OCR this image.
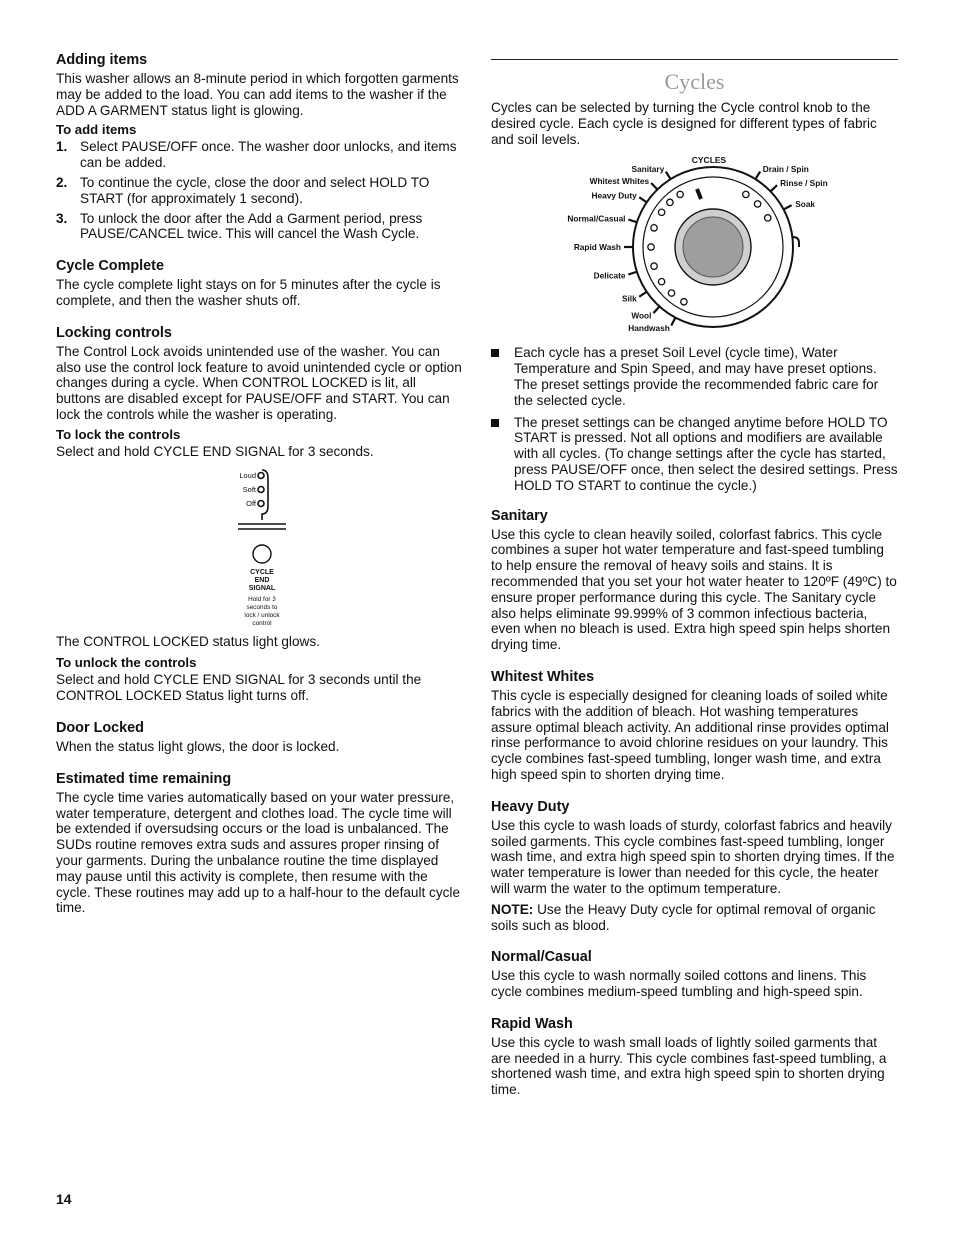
Adding items

This washer allows an 8-minute period in which forgotten garments may be added to the load. You can add items to the washer if the ADD A GARMENT status light is glowing.

To add items
1. Select PAUSE/OFF once. The washer door unlocks, and items can be added.
2. To continue the cycle, close the door and select HOLD TO START (for approximately 1 second).
3. To unlock the door after the Add a Garment period, press PAUSE/CANCEL twice. This will cancel the Wash Cycle.
Cycle Complete

The cycle complete light stays on for 5 minutes after the cycle is complete, and then the washer shuts off.

Locking controls

The Control Lock avoids unintended use of the washer. You can also use the control lock feature to avoid unintended cycle or option changes during a cycle. When CONTROL LOCKED is lit, all buttons are disabled except for PAUSE/OFF and START. You can lock the controls while the washer is operating.

To lock the controls

Select and hold CYCLE END SIGNAL for 3 seconds.

Loud
Soft
Off
CYCLE
END
SIGNAL
Hold for 3
seconds to
lock / unlock
control

The CONTROL LOCKED status light glows.

To unlock the controls

Select and hold CYCLE END SIGNAL for 3 seconds until the CONTROL LOCKED Status light turns off.

Door Locked

When the status light glows, the door is locked.

Estimated time remaining

The cycle time varies automatically based on your water pressure, water temperature, detergent and clothes load. The cycle time will be extended if oversudsing occurs or the load is unbalanced. The SUDs routine removes extra suds and assures proper rinsing of your garments. During the unbalance routine the time displayed may pause until this activity is complete, then resume with the cycle. These routines may add up to a half-hour to the default cycle time.

Cycles

Cycles can be selected by turning the Cycle control knob to the desired cycle. Each cycle is designed for different types of fabric and soil levels.

CYCLES
Sanitary
Whitest Whites
Heavy Duty
Normal/Casual
Rapid Wash
Delicate
Silk
Wool
Handwash
Drain / Spin
Rinse / Spin
Soak
Each cycle has a preset Soil Level (cycle time), Water Temperature and Spin Speed, and may have preset options. The preset settings provide the recommended fabric care for the selected cycle.
The preset settings can be changed anytime before HOLD TO START is pressed. Not all options and modifiers are available with all cycles. (To change settings after the cycle has started, press PAUSE/OFF once, then select the desired settings. Press HOLD TO START to continue the cycle.)
Sanitary

Use this cycle to clean heavily soiled, colorfast fabrics. This cycle combines a super hot water temperature and fast-speed tumbling to help ensure the removal of heavy soils and stains. It is recommended that you set your hot water heater to 120ºF (49ºC) to ensure proper performance during this cycle. The Sanitary cycle also helps eliminate 99.999% of 3 common infectious bacteria, even when no bleach is used. Extra high speed spin helps shorten drying time.

Whitest Whites

This cycle is especially designed for cleaning loads of soiled white fabrics with the addition of bleach. Hot washing temperatures assure optimal bleach activity. An additional rinse provides optimal rinse performance to avoid chlorine residues on your laundry. This cycle combines fast-speed tumbling, longer wash time, and extra high speed spin to shorten drying time.

Heavy Duty

Use this cycle to wash loads of sturdy, colorfast fabrics and heavily soiled garments. This cycle combines fast-speed tumbling, longer wash time, and extra high speed spin to shorten drying times. If the water temperature is lower than needed for this cycle, the heater will warm the water to the optimum temperature.

NOTE: Use the Heavy Duty cycle for optimal removal of organic soils such as blood.

Normal/Casual

Use this cycle to wash normally soiled cottons and linens. This cycle combines medium-speed tumbling and high-speed spin.

Rapid Wash

Use this cycle to wash small loads of lightly soiled garments that are needed in a hurry. This cycle combines fast-speed tumbling, a shortened wash time, and extra high speed spin to shorten drying time.

14
